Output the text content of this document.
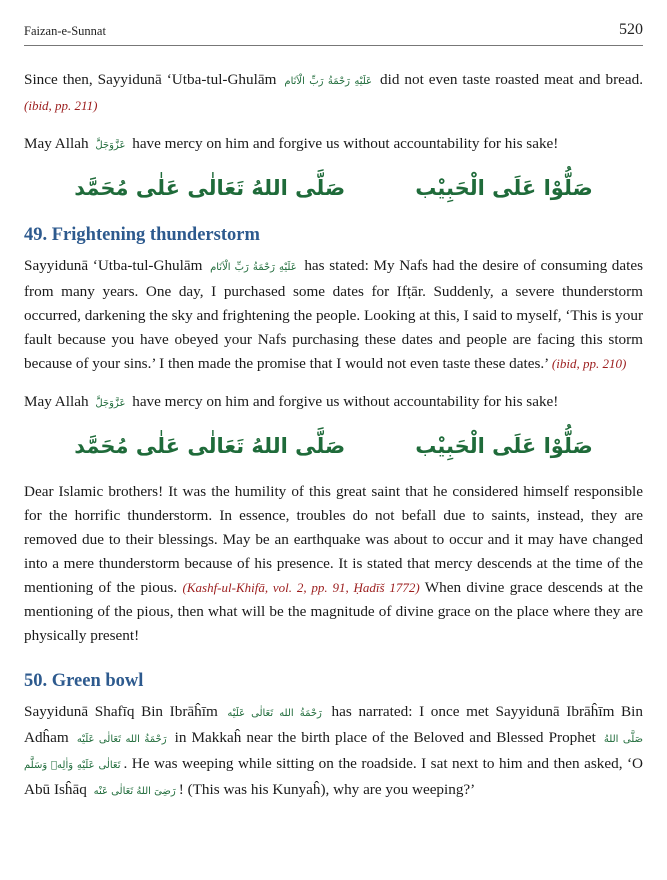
Faizan-e-Sunnat	520

Since then, Sayyidunā ‘Utba-tul-Ghulām عَلَيْهِ رَحْمَةُ رَبِّ الْاَنَام did not even taste roasted meat and bread. (ibid, pp. 211)

May Allah عَزَّوَجَلَّ have mercy on him and forgive us without accountability for his sake!

صَلُّوْا عَلَى الْحَبِيْب
صَلَّى اللهُ تَعَالٰى عَلٰى مُحَمَّد
49. Frightening thunderstorm

Sayyidunā ‘Utba-tul-Ghulām عَلَيْهِ رَحْمَةُ رَبِّ الْاَنَام has stated: My Nafs had the desire of consuming dates from many years. One day, I purchased some dates for Ifṭār. Suddenly, a severe thunderstorm occurred, darkening the sky and frightening the people. Looking at this, I said to myself, ‘This is your fault because you have obeyed your Nafs purchasing these dates and people are facing this storm because of your sins.’ I then made the promise that I would not even taste these dates.’ (ibid, pp. 210)

May Allah عَزَّوَجَلَّ have mercy on him and forgive us without accountability for his sake!

صَلُّوْا عَلَى الْحَبِيْب
صَلَّى اللهُ تَعَالٰى عَلٰى مُحَمَّد

Dear Islamic brothers! It was the humility of this great saint that he considered himself responsible for the horrific thunderstorm. In essence, troubles do not befall due to saints, instead, they are removed due to their blessings. May be an earthquake was about to occur and it may have changed into a mere thunderstorm because of his presence. It is stated that mercy descends at the time of the mentioning of the pious. (Kashf-ul-Khifā, vol. 2, pp. 91, Ḥadīš 1772) When divine grace descends at the mentioning of the pious, then what will be the magnitude of divine grace on the place where they are physically present!

50. Green bowl

Sayyidunā Shafīq Bin Ibrāĥīm رَحْمَةُ الله تَعَالٰى عَلَيْه has narrated: I once met Sayyidunā Ibrāĥīm Bin Adĥam رَحْمَةُ الله تَعَالٰى عَلَيْه in Makkaĥ near the birth place of the Beloved and Blessed Prophet صَلَّى اللهُ تَعَالٰى عَلَيْهِ وَاٰلِهٖ وَسَلَّم . He was weeping while sitting on the roadside. I sat next to him and then asked, ‘O Abū Isĥāq رَضِىَ اللهُ تَعَالٰى عَنْه ! (This was his Kunyaĥ), why are you weeping?’
